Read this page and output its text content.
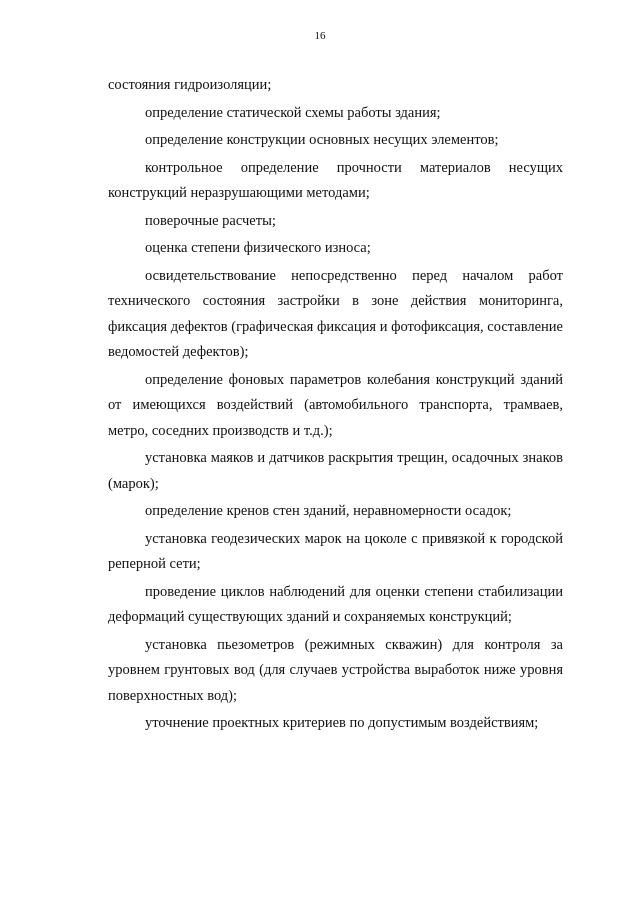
16

состояния гидроизоляции;

определение статической схемы работы здания;

определение конструкции основных несущих элементов;

контрольное определение прочности материалов несущих конструкций неразрушающими методами;

поверочные расчеты;

оценка степени физического износа;

освидетельствование непосредственно перед началом работ технического состояния застройки в зоне действия мониторинга, фиксация дефектов (графическая фиксация и фотофиксация, составление ведомостей дефектов);

определение фоновых параметров колебания конструкций зданий от имеющихся воздействий (автомобильного транспорта, трамваев, метро, соседних производств и т.д.);

установка маяков и датчиков раскрытия трещин, осадочных знаков (марок);

определение кренов стен зданий, неравномерности осадок;

установка геодезических марок на цоколе с привязкой к городской реперной сети;

проведение циклов наблюдений для оценки степени стабилизации деформаций существующих зданий и сохраняемых конструкций;

установка пьезометров (режимных скважин) для контроля за уровнем грунтовых вод (для случаев устройства выработок ниже уровня поверхностных вод);

уточнение проектных критериев по допустимым воздействиям;
